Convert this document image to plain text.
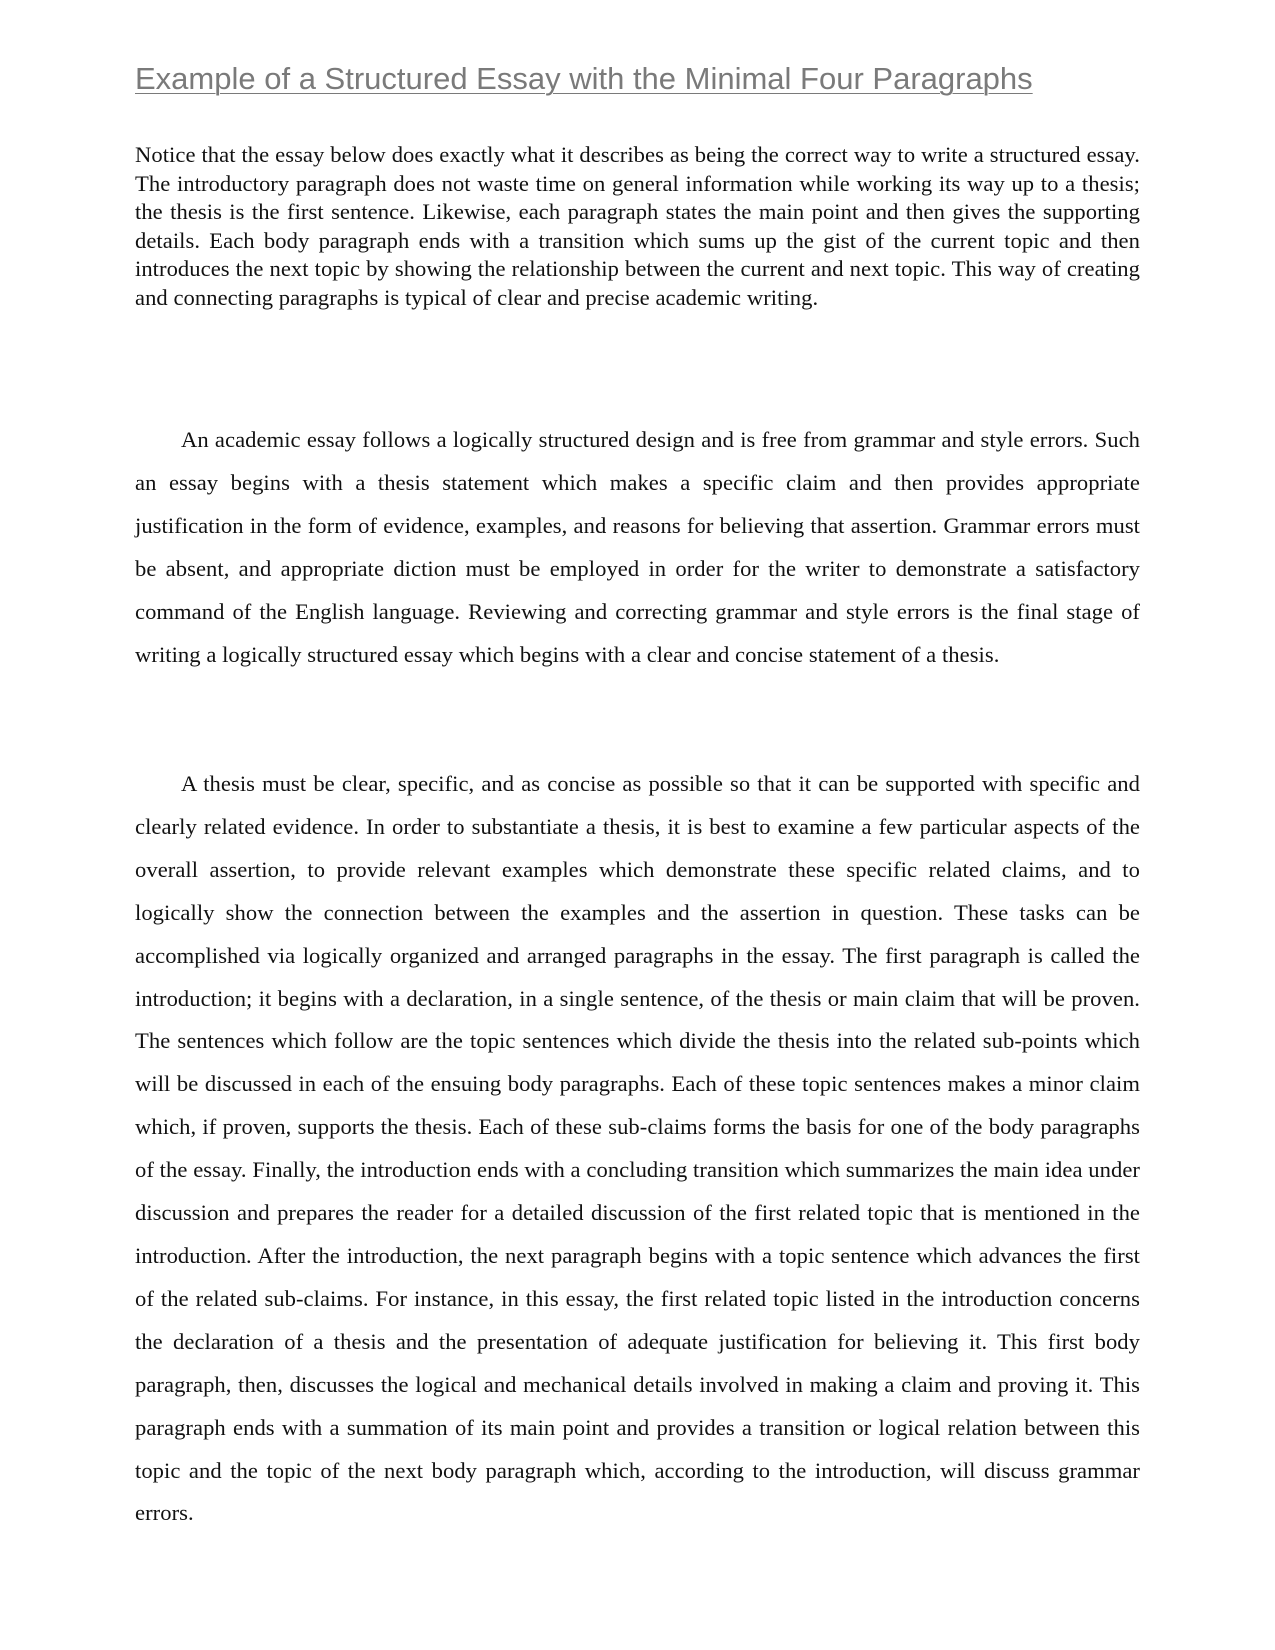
Example of a Structured Essay with the Minimal Four Paragraphs

Notice that the essay below does exactly what it describes as being the correct way to write a structured essay. The introductory paragraph does not waste time on general information while working its way up to a thesis; the thesis is the first sentence. Likewise, each paragraph states the main point and then gives the supporting details. Each body paragraph ends with a transition which sums up the gist of the current topic and then introduces the next topic by showing the relationship between the current and next topic. This way of creating and connecting paragraphs is typical of clear and precise academic writing.

An academic essay follows a logically structured design and is free from grammar and style errors. Such an essay begins with a thesis statement which makes a specific claim and then provides appropriate justification in the form of evidence, examples, and reasons for believing that assertion. Grammar errors must be absent, and appropriate diction must be employed in order for the writer to demonstrate a satisfactory command of the English language. Reviewing and correcting grammar and style errors is the final stage of writing a logically structured essay which begins with a clear and concise statement of a thesis.

A thesis must be clear, specific, and as concise as possible so that it can be supported with specific and clearly related evidence. In order to substantiate a thesis, it is best to examine a few particular aspects of the overall assertion, to provide relevant examples which demonstrate these specific related claims, and to logically show the connection between the examples and the assertion in question. These tasks can be accomplished via logically organized and arranged paragraphs in the essay. The first paragraph is called the introduction; it begins with a declaration, in a single sentence, of the thesis or main claim that will be proven. The sentences which follow are the topic sentences which divide the thesis into the related sub-points which will be discussed in each of the ensuing body paragraphs. Each of these topic sentences makes a minor claim which, if proven, supports the thesis. Each of these sub-claims forms the basis for one of the body paragraphs of the essay. Finally, the introduction ends with a concluding transition which summarizes the main idea under discussion and prepares the reader for a detailed discussion of the first related topic that is mentioned in the introduction. After the introduction, the next paragraph begins with a topic sentence which advances the first of the related sub-claims. For instance, in this essay, the first related topic listed in the introduction concerns the declaration of a thesis and the presentation of adequate justification for believing it. This first body paragraph, then, discusses the logical and mechanical details involved in making a claim and proving it. This paragraph ends with a summation of its main point and provides a transition or logical relation between this topic and the topic of the next body paragraph which, according to the introduction, will discuss grammar errors.
